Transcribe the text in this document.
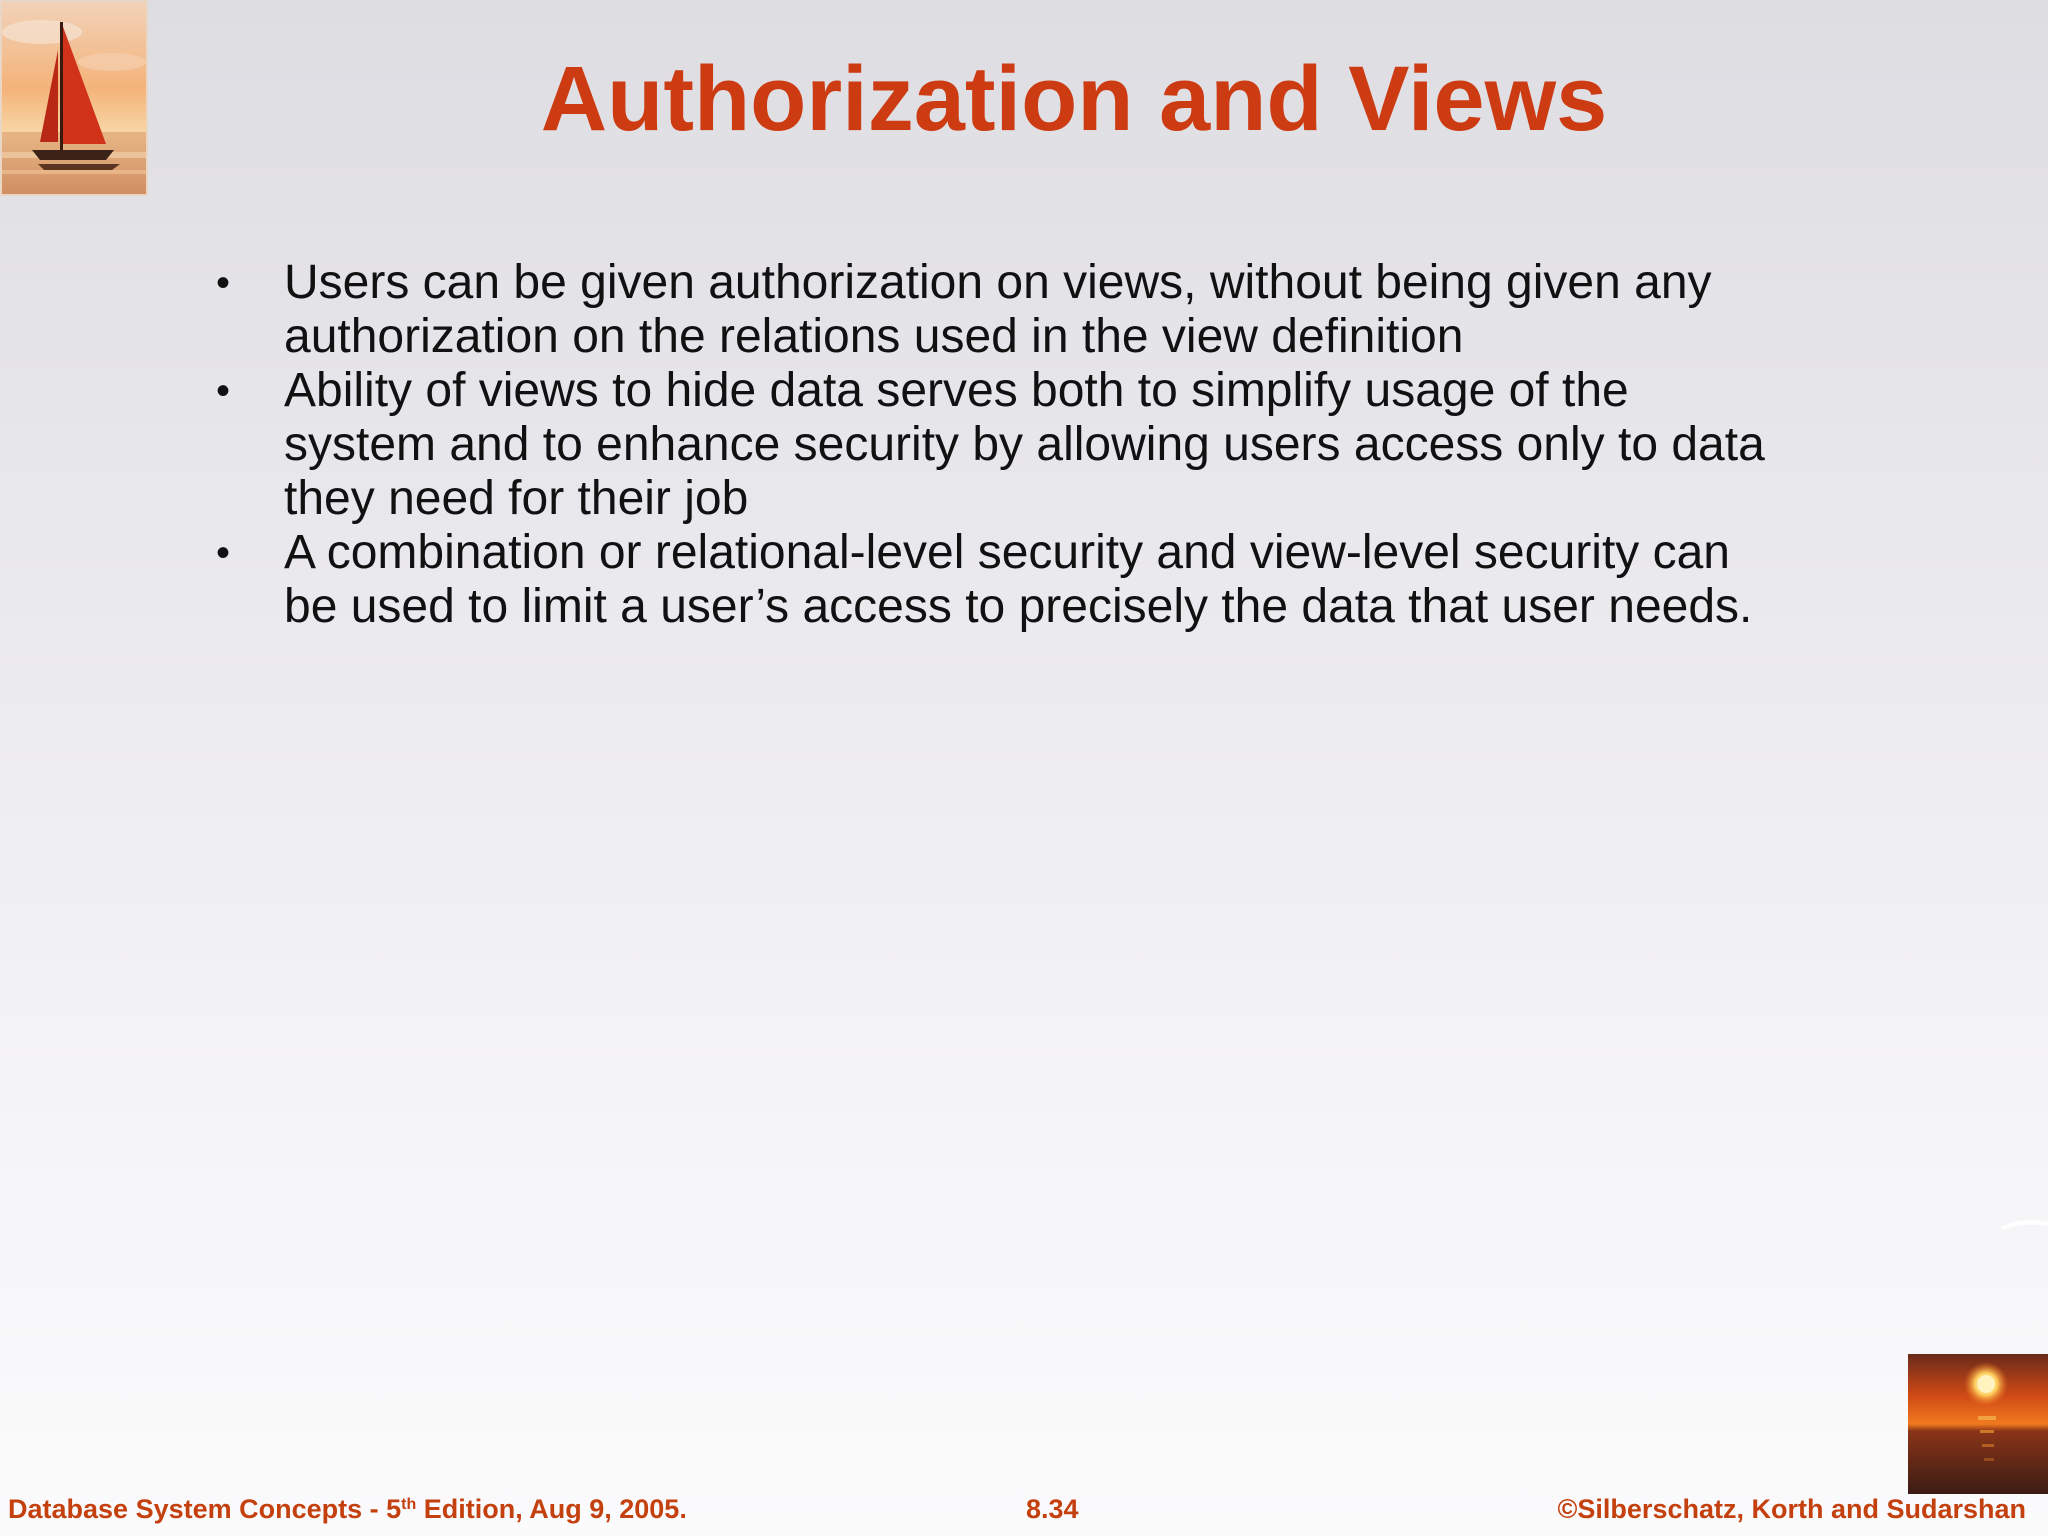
Authorization and Views
•	Users can be given authorization on views, without being given any
authorization on the relations used in the view definition
•	Ability of views to hide data serves both to simplify usage of the
system and to enhance security by allowing users access only to data
they need for their job
•	A combination or relational-level security and view-level security can
be used to limit a user’s access to precisely the data that user needs.
Database System Concepts - 5th Edition, Aug 9, 2005.	8.34	©Silberschatz, Korth and Sudarshan
